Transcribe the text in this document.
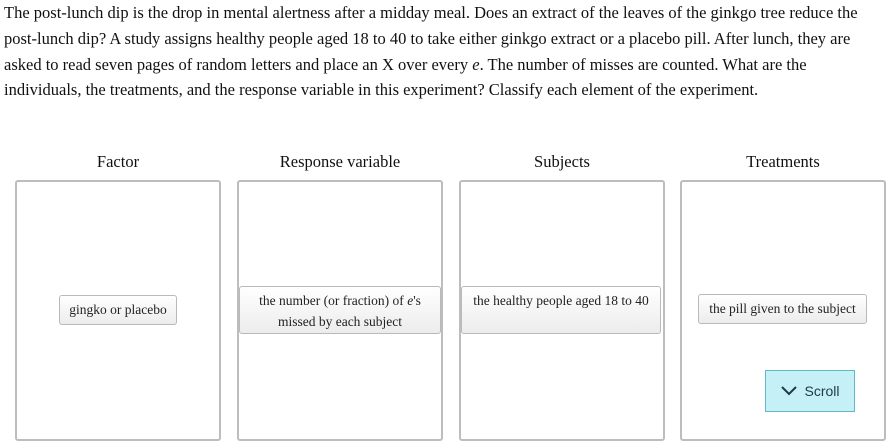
The post-lunch dip is the drop in mental alertness after a midday meal. Does an extract of the leaves of the ginkgo tree reduce the post-lunch dip? A study assigns healthy people aged 18 to 40 to take either ginkgo extract or a placebo pill. After lunch, they are asked to read seven pages of random letters and place an X over every e. The number of misses are counted. What are the individuals, the treatments, and the response variable in this experiment? Classify each element of the experiment.

Factor	Response variable	Subjects	Treatments
gingko or placebo
the number (or fraction) of e's missed by each subject
the healthy people aged 18 to 40
the pill given to the subject
Scroll
